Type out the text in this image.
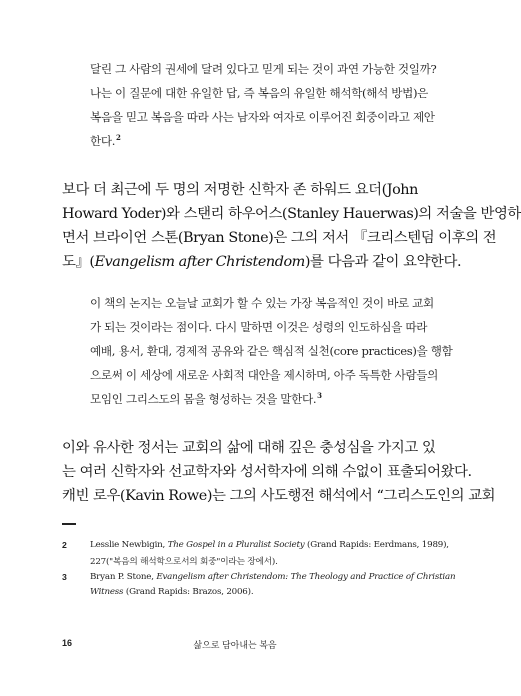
달린 그 사람의 권세에 달려 있다고 믿게 되는 것이 과연 가능한 것일까?
나는 이 질문에 대한 유일한 답, 즉 복음의 유일한 해석학(해석 방법)은
복음을 믿고 복음을 따라 사는 남자와 여자로 이루어진 회중이라고 제안
한다.$^2$
보다 더 최근에 두 명의 저명한 신학자 존 하워드 요더(John
Howard Yoder)와 스탠리 하우어스(Stanley Hauerwas)의 저술을 반영하
면서 브라이언 스톤(Bryan Stone)은 그의 저서 『크리스텐덤 이후의 전
도』(Evangelism after Christendom)를 다음과 같이 요약한다.
이 책의 논지는 오늘날 교회가 할 수 있는 가장 복음적인 것이 바로 교회
가 되는 것이라는 점이다. 다시 말하면 이것은 성령의 인도하심을 따라
예배, 용서, 환대, 경제적 공유와 같은 핵심적 실천(core practices)을 행함
으로써 이 세상에 새로운 사회적 대안을 제시하며, 아주 독특한 사람들의
모임인 그리스도의 몸을 형성하는 것을 말한다.$^3$
이와 유사한 정서는 교회의 삶에 대해 깊은 충성심을 가지고 있
는 여러 신학자와 선교학자와 성서학자에 의해 수없이 표출되어왔다.
캐빈 로우(Kavin Rowe)는 그의 사도행전 해석에서 “그리스도인의 교회
2	Lesslie Newbigin, The Gospel in a Pluralist Society (Grand Rapids: Eerdmans, 1989),
227("복음의 해석학으로서의 회중"이라는 장에서).
3	Bryan P. Stone, Evangelism after Christendom: The Theology and Practice of Christian
Witness (Grand Rapids: Brazos, 2006).
16	삶으로 담아내는 복음
